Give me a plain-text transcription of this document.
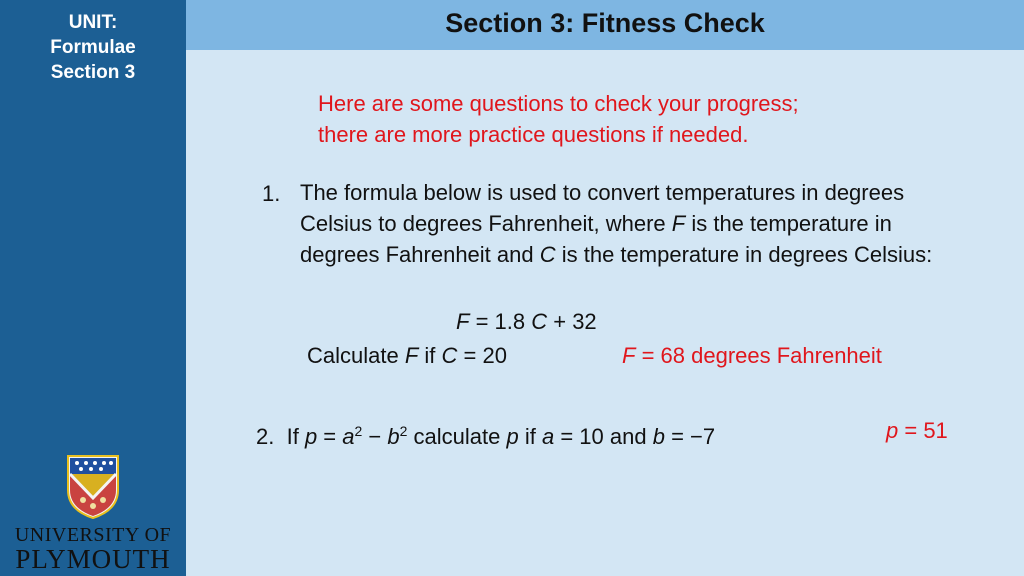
UNIT:
Formulae
Section 3
UNIVERSITY OF
PLYMOUTH
Section 3: Fitness Check
Here are some questions to check your progress;
there are more practice questions if needed.
1. The formula below is used to convert temperatures in degrees Celsius to degrees Fahrenheit, where F is the temperature in degrees Fahrenheit and C is the temperature in degrees Celsius:
F = 1.8 C + 32
Calculate F if C = 20	F = 68 degrees Fahrenheit
2. If $p = a^2 - b^2$ calculate p if a = 10 and b = −7	p = 51
